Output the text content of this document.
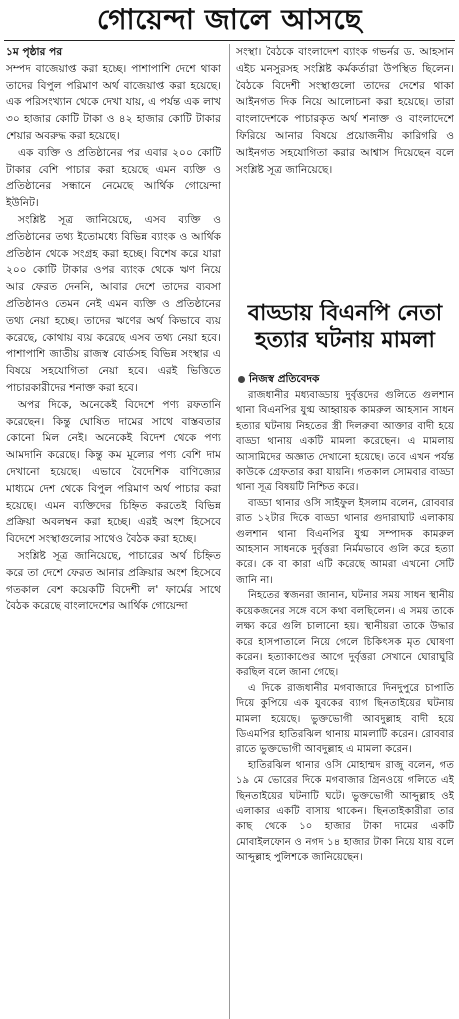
গোয়েন্দা জালে আসছে

১ম পৃষ্ঠার পর

সম্পদ বাজেয়াপ্ত করা হচ্ছে। পাশাপাশি দেশে থাকা তাদের বিপুল পরিমাণ অর্থ বাজেয়াপ্ত করা হয়েছে। এক পরিসংখ্যান থেকে দেখা যায়, এ পর্যন্ত এক লাখ ৩০ হাজার কোটি টাকা ও ৪২ হাজার কোটি টাকার শেয়ার অবরুদ্ধ করা হয়েছে।

এক ব্যক্তি ও প্রতিষ্ঠানের পর এবার ২০০ কোটি টাকার বেশি পাচার করা হয়েছে এমন ব্যক্তি ও প্রতিষ্ঠানের সন্ধানে নেমেছে আর্থিক গোয়েন্দা ইউনিট।

সংশ্লিষ্ট সূত্র জানিয়েছে, এসব ব্যক্তি ও প্রতিষ্ঠানের তথ্য ইতোমধ্যে বিভিন্ন ব্যাংক ও আর্থিক প্রতিষ্ঠান থেকে সংগ্রহ করা হচ্ছে। বিশেষ করে যারা ২০০ কোটি টাকার ওপর ব্যাংক থেকে ঋণ নিয়ে আর ফেরত দেননি, আবার দেশে তাদের ব্যবসা প্রতিষ্ঠানও তেমন নেই এমন ব্যক্তি ও প্রতিষ্ঠানের তথ্য নেয়া হচ্ছে। তাদের ঋণের অর্থ কিভাবে ব্যয় করেছে, কোথায় ব্যয় করেছে এসব তথ্য নেয়া হবে। পাশাপাশি জাতীয় রাজস্ব বোর্ডসহ বিভিন্ন সংস্থার এ বিষয়ে সহযোগিতা নেয়া হবে। এরই ভিত্তিতে পাচারকারীদের শনাক্ত করা হবে।

অপর দিকে, অনেকেই বিদেশে পণ্য রফতানি করেছেন। কিন্তু ঘোষিত দামের সাথে বাস্তবতার কোনো মিল নেই। অনেকেই বিদেশ থেকে পণ্য আমদানি করেছে। কিন্তু কম মূল্যের পণ্য বেশি দাম দেখানো হয়েছে। এভাবে বৈদেশিক বাণিজ্যের মাধ্যমে দেশ থেকে বিপুল পরিমাণ অর্থ পাচার করা হয়েছে। এমন ব্যক্তিদের চিহ্নিত করতেই বিভিন্ন প্রক্রিয়া অবলম্বন করা হচ্ছে। এরই অংশ হিসেবে বিদেশে সংস্থাগুলোর সাথেও বৈঠক করা হচ্ছে।

সংশ্লিষ্ট সূত্র জানিয়েছে, পাচারের অর্থ চিহ্নিত করে তা দেশে ফেরত আনার প্রক্রিয়ার অংশ হিসেবে গতকাল বেশ কয়েকটি বিদেশী ল' ফার্মের সাথে বৈঠক করেছে বাংলাদেশের আর্থিক গোয়েন্দা

সংস্থা। বৈঠকে বাংলাদেশ ব্যাংক গভর্নর ড. আহসান এইচ মনসুরসহ সংশ্লিষ্ট কর্মকর্তারা উপস্থিত ছিলেন। বৈঠকে বিদেশী সংস্থাগুলো তাদের দেশের থাকা আইনগত দিক নিয়ে আলোচনা করা হয়েছে। তারা বাংলাদেশকে পাচারকৃত অর্থ শনাক্ত ও বাংলাদেশে ফিরিয়ে আনার বিষয়ে প্রয়োজনীয় কারিগরি ও আইনগত সহযোগিতা করার আশ্বাস দিয়েছেন বলে সংশ্লিষ্ট সূত্র জানিয়েছে।

বাড্ডায় বিএনপি নেতা হত্যার ঘটনায় মামলা
নিজস্ব প্রতিবেদক

রাজধানীর মধ্যবাড্ডায় দুর্বৃত্তদের গুলিতে গুলশান থানা বিএনপির যুগ্ম আহ্বায়ক কামরুল আহসান সাধন হত্যার ঘটনায় নিহতের স্ত্রী দিলরুবা আক্তার বাদী হয়ে বাড্ডা থানায় একটি মামলা করেছেন। এ মামলায় আসামিদের অজ্ঞাত দেখানো হয়েছে। তবে এখন পর্যন্ত কাউকে গ্রেফতার করা যায়নি। গতকাল সোমবার বাড্ডা থানা সূত্র বিষয়টি নিশ্চিত করে।

বাড্ডা থানার ওসি সাইফুল ইসলাম বলেন, রোববার রাত ১২টার দিকে বাড্ডা থানার গুদারাঘাট এলাকায় গুলশান থানা বিএনপির যুগ্ম সম্পাদক কামরুল আহসান সাধনকে দুর্বৃত্তরা নির্মমভাবে গুলি করে হত্যা করে। কে বা কারা এটি করেছে আমরা এখনো সেটি জানি না।

নিহতের স্বজনরা জানান, ঘটনার সময় সাধন স্থানীয় কয়েকজনের সঙ্গে বসে কথা বলছিলেন। এ সময় তাকে লক্ষ্য করে গুলি চালানো হয়। স্থানীয়রা তাকে উদ্ধার করে হাসপাতালে নিয়ে গেলে চিকিৎসক মৃত ঘোষণা করেন। হত্যাকাণ্ডের আগে দুর্বৃত্তরা সেখানে ঘোরাঘুরি করছিল বলে জানা গেছে।

এ দিকে রাজধানীর মগবাজারে দিনদুপুরে চাপাতি দিয়ে কুপিয়ে এক যুবকের ব্যাগ ছিনতাইয়ের ঘটনায় মামলা হয়েছে। ভুক্তভোগী আবদুল্লাহ বাদী হয়ে ডিএমপির হাতিরঝিল থানায় মামলাটি করেন। রোববার রাতে ভুক্তভোগী আবদুল্লাহ এ মামলা করেন।

হাতিরঝিল থানার ওসি মোহাম্মদ রাজু বলেন, গত ১৯ মে ভোরের দিকে মগবাজার গ্রিনওয়ে গলিতে এই ছিনতাইয়ের ঘটনাটি ঘটে। ভুক্তভোগী আব্দুল্লাহ ওই এলাকার একটি বাসায় থাকেন। ছিনতাইকারীরা তার কাছ থেকে ১০ হাজার টাকা দামের একটি মোবাইলফোন ও নগদ ১৪ হাজার টাকা নিয়ে যায় বলে আব্দুল্লাহ পুলিশকে জানিয়েছেন।
